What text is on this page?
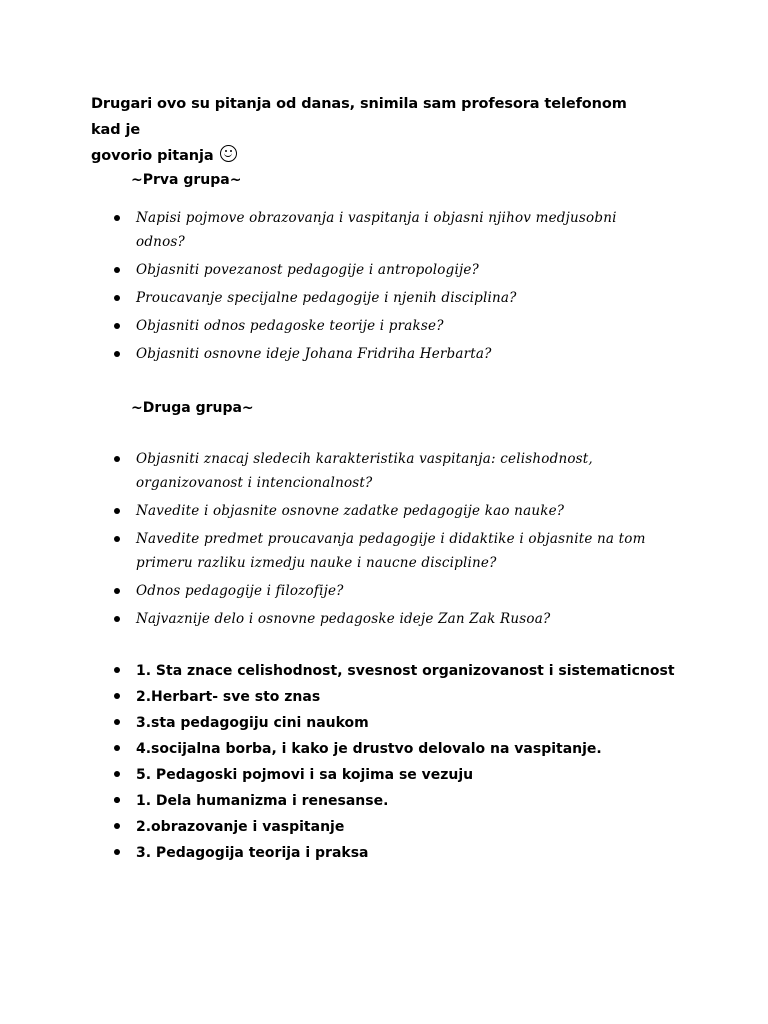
Drugari ovo su pitanja od danas, snimila sam profesora telefonom kad je
govorio pitanja
~Prva grupa~
Napisi pojmove obrazovanja i vaspitanja i objasni njihov medjusobni odnos?
Objasniti povezanost pedagogije i antropologije?
Proucavanje specijalne pedagogije i njenih disciplina?
Objasniti odnos pedagoske teorije i prakse?
Objasniti osnovne ideje Johana Fridriha Herbarta?
~Druga grupa~
Objasniti znacaj sledecih karakteristika vaspitanja: celishodnost, organizovanost i intencionalnost?
Navedite i objasnite osnovne zadatke pedagogije kao nauke?
Navedite predmet proucavanja pedagogije i didaktike i objasnite na tom primeru razliku izmedju nauke i naucne discipline?
Odnos pedagogije i filozofije?
Najvaznije delo i osnovne pedagoske ideje Zan Zak Rusoa?
1. Sta znace celishodnost, svesnost organizovanost i sistematicnost
2.Herbart- sve sto znas
3.sta pedagogiju cini naukom
4.socijalna borba, i kako je drustvo delovalo na vaspitanje.
5. Pedagoski pojmovi i sa kojima se vezuju
1. Dela humanizma i renesanse.
2.obrazovanje i vaspitanje
3. Pedagogija teorija i praksa
